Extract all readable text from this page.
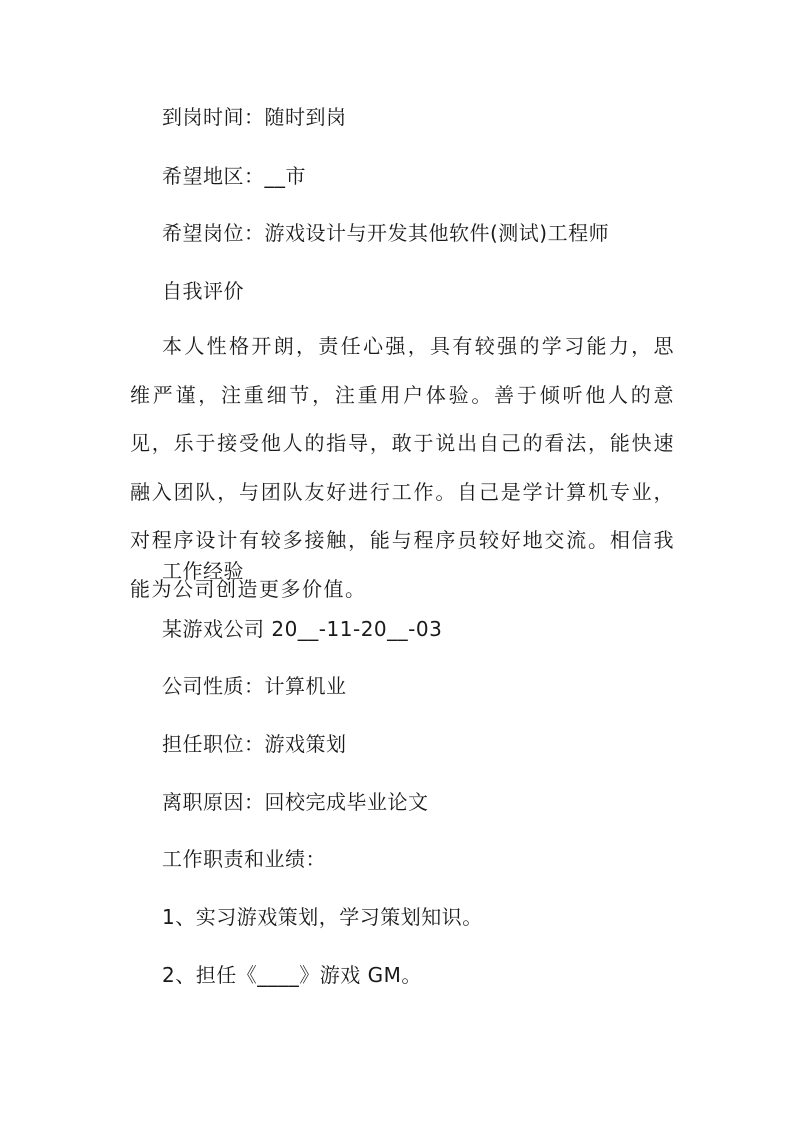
到岗时间：随时到岗
希望地区：__市
希望岗位：游戏设计与开发其他软件(测试)工程师
自我评价
本人性格开朗，责任心强，具有较强的学习能力，思维严谨，注重细节，注重用户体验。善于倾听他人的意见，乐于接受他人的指导，敢于说出自己的看法，能快速融入团队，与团队友好进行工作。自己是学计算机专业，对程序设计有较多接触，能与程序员较好地交流。相信我能为公司创造更多价值。
工作经验
某游戏公司 20__-11-20__-03
公司性质：计算机业
担任职位：游戏策划
离职原因：回校完成毕业论文
工作职责和业绩：
1、实习游戏策划，学习策划知识。
2、担任《____》游戏 GM。
